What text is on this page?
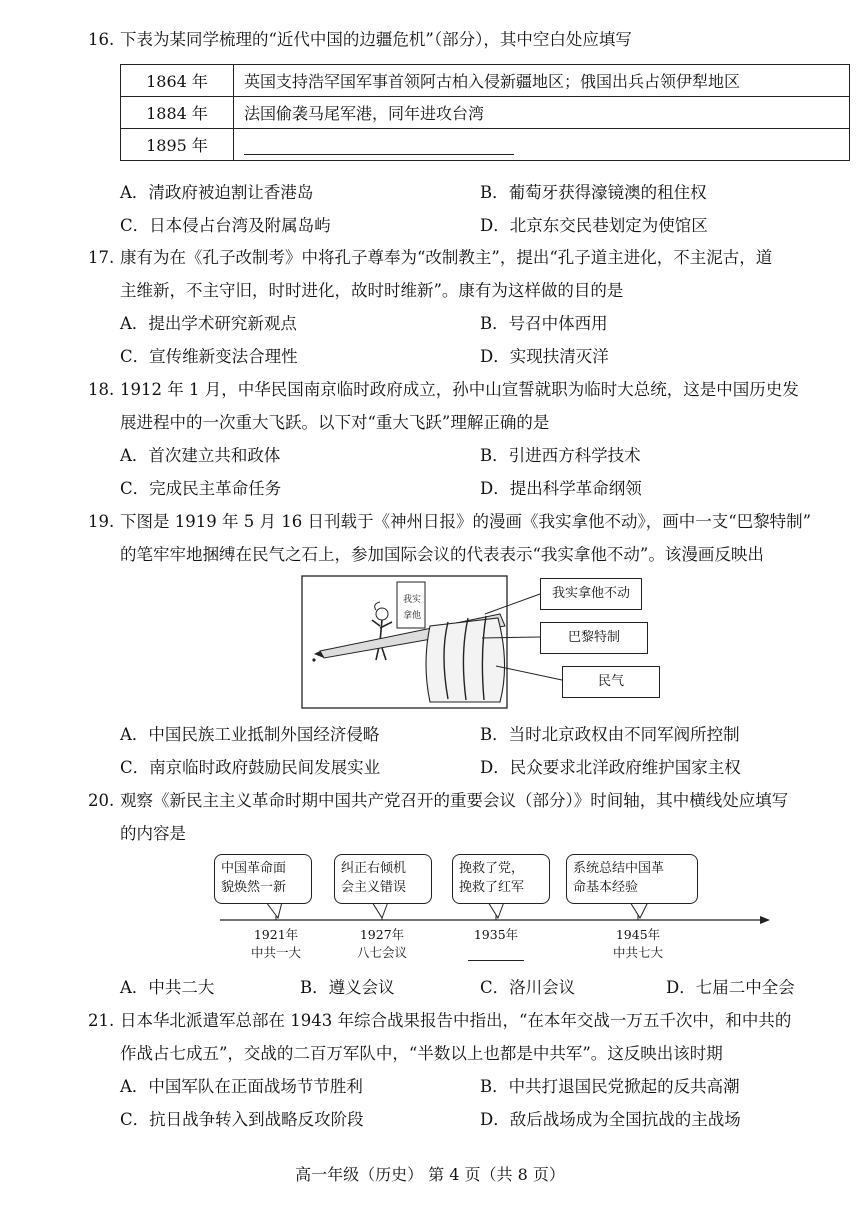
16. 下表为某同学梳理的“近代中国的边疆危机”（部分），其中空白处应填写
1864 年	英国支持浩罕国军事首领阿古柏入侵新疆地区；俄国出兵占领伊犁地区
1884 年	法国偷袭马尾军港，同年进攻台湾
1895 年	
A．清政府被迫割让香港岛	B．葡萄牙获得濠镜澳的租住权
C．日本侵占台湾及附属岛屿	D．北京东交民巷划定为使馆区
17. 康有为在《孔子改制考》中将孔子尊奉为“改制教主”，提出“孔子道主进化，不主泥古，道
主维新，不主守旧，时时进化，故时时维新”。康有为这样做的目的是
A．提出学术研究新观点	B．号召中体西用
C．宣传维新变法合理性	D．实现扶清灭洋
18. 1912 年 1 月，中华民国南京临时政府成立，孙中山宣誓就职为临时大总统，这是中国历史发
展进程中的一次重大飞跃。以下对“重大飞跃”理解正确的是
A．首次建立共和政体	B．引进西方科学技术
C．完成民主革命任务	D．提出科学革命纲领
19. 下图是 1919 年 5 月 16 日刊载于《神州日报》的漫画《我实拿他不动》，画中一支“巴黎特制”
的笔牢牢地捆缚在民气之石上，参加国际会议的代表表示“我实拿他不动”。该漫画反映出
我实
拿他
我实拿他不动
巴黎特制
民气
A．中国民族工业抵制外国经济侵略	B．当时北京政权由不同军阀所控制
C．南京临时政府鼓励民间发展实业	D．民众要求北洋政府维护国家主权
20. 观察《新民主主义革命时期中国共产党召开的重要会议（部分）》时间轴，其中横线处应填写
的内容是
中国革命面
貌焕然一新
纠正右倾机
会主义错误
挽救了党，
挽救了红军
系统总结中国革
命基本经验
1921年
中共一大
1927年
八七会议
1935年	1945年
中共七大
A．中共二大	B．遵义会议	C．洛川会议	D．七届二中全会
21. 日本华北派遣军总部在 1943 年综合战果报告中指出，“在本年交战一万五千次中，和中共的
作战占七成五”，交战的二百万军队中，“半数以上也都是中共军”。这反映出该时期
A．中国军队在正面战场节节胜利	B．中共打退国民党掀起的反共高潮
C．抗日战争转入到战略反攻阶段	D．敌后战场成为全国抗战的主战场
高一年级（历史） 第 4 页（共 8 页）
